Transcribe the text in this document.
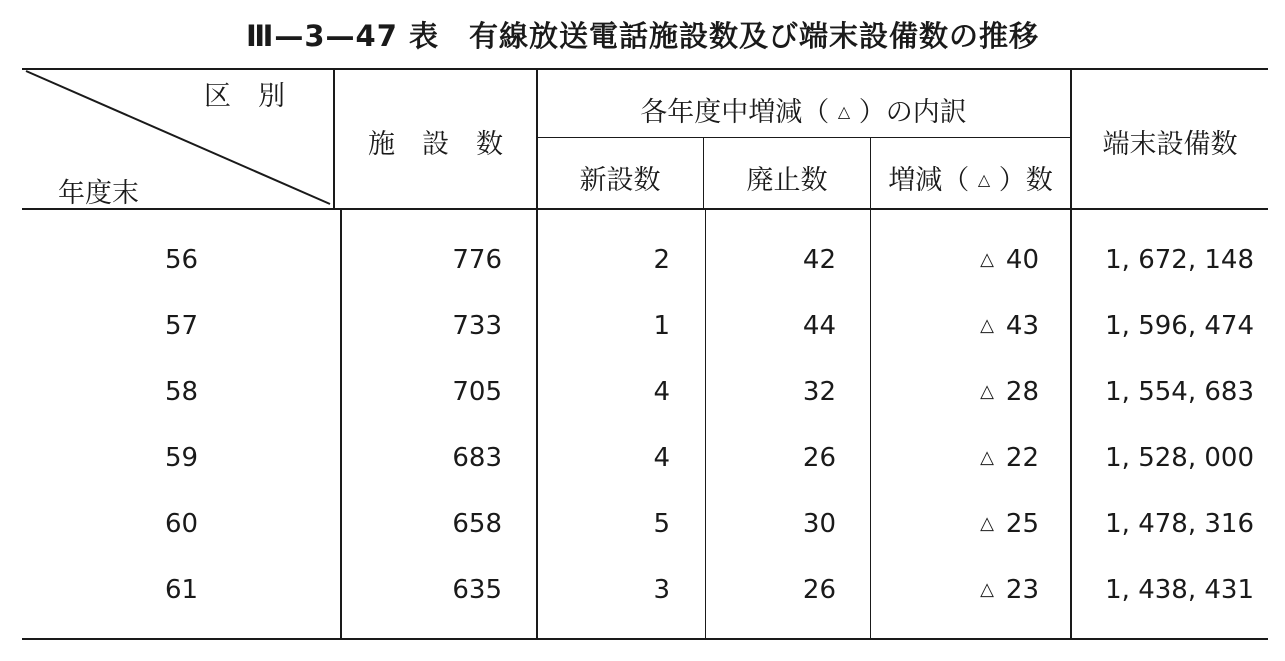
Ⅲ—3—47 表 有線放送電話施設数及び端末設備数の推移
区　別
年度末
施　設　数
各年度中増減（ △ ）の内訳
新設数	廃止数	増減（ △ ）数
端末設備数
56	776	2	42	△ 40	1, 672, 148
57	733	1	44	△ 43	1, 596, 474
58	705	4	32	△ 28	1, 554, 683
59	683	4	26	△ 22	1, 528, 000
60	658	5	30	△ 25	1, 478, 316
61	635	3	26	△ 23	1, 438, 431
